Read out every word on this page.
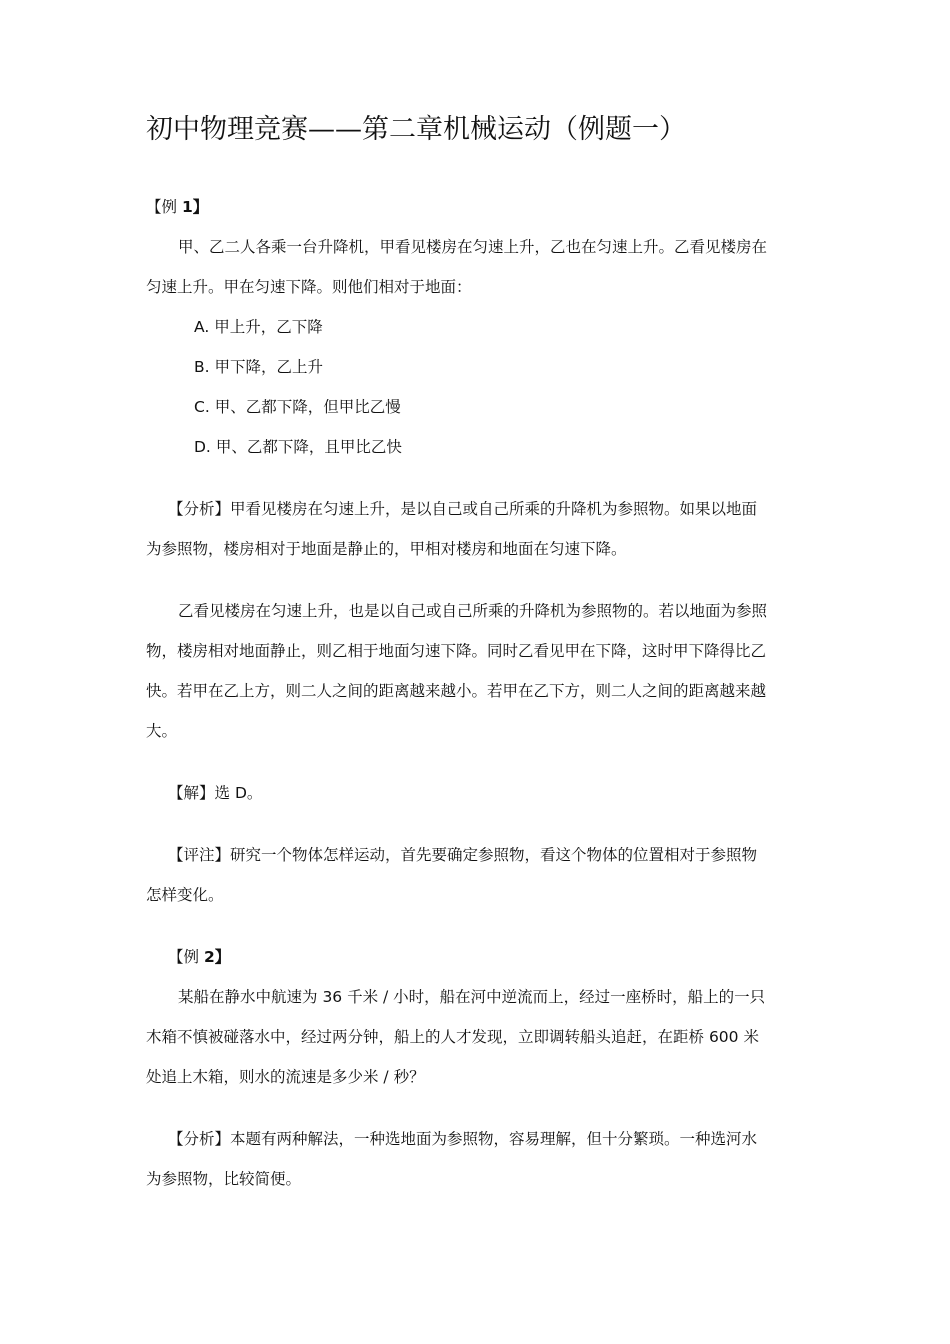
初中物理竞赛——第二章机械运动（例题一）
【例 1】
甲、乙二人各乘一台升降机，甲看见楼房在匀速上升，乙也在匀速上升。乙看见楼房在
匀速上升。甲在匀速下降。则他们相对于地面：
A. 甲上升，乙下降
B. 甲下降，乙上升
C. 甲、乙都下降，但甲比乙慢
D. 甲、乙都下降，且甲比乙快
【分析】甲看见楼房在匀速上升，是以自己或自己所乘的升降机为参照物。如果以地面
为参照物，楼房相对于地面是静止的，甲相对楼房和地面在匀速下降。
乙看见楼房在匀速上升，也是以自己或自己所乘的升降机为参照物的。若以地面为参照
物，楼房相对地面静止，则乙相于地面匀速下降。同时乙看见甲在下降，这时甲下降得比乙
快。若甲在乙上方，则二人之间的距离越来越小。若甲在乙下方，则二人之间的距离越来越
大。
【解】选 D。
【评注】研究一个物体怎样运动，首先要确定参照物，看这个物体的位置相对于参照物
怎样变化。
【例 2】
某船在静水中航速为 36 千米 / 小时，船在河中逆流而上，经过一座桥时，船上的一只
木箱不慎被碰落水中，经过两分钟，船上的人才发现，立即调转船头追赶，在距桥 600 米
处追上木箱，则水的流速是多少米 / 秒？
【分析】本题有两种解法，一种选地面为参照物，容易理解，但十分繁琐。一种选河水
为参照物，比较简便。
